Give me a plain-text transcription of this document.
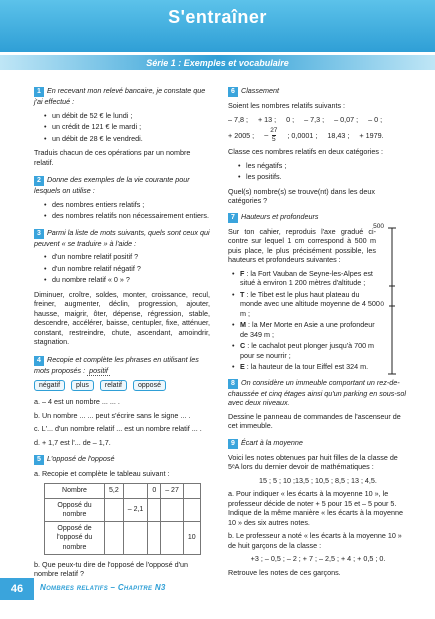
S'entraîner
Série 1 : Exemples et vocabulaire
1 En recevant mon relevé bancaire, je constate que j'ai effectué :
• un débit de 52 € le lundi ;
• un crédit de 121 € le mardi ;
• un débit de 28 € le vendredi.
Traduis chacun de ces opérations par un nombre relatif.
2 Donne des exemples de la vie courante pour lesquels on utilise :
• des nombres entiers relatifs ;
• des nombres relatifs non nécessairement entiers.
3 Parmi la liste de mots suivants, quels sont ceux qui peuvent « se traduire » à l'aide :
• d'un nombre relatif positif ?
• d'un nombre relatif négatif ?
• du nombre relatif « 0 » ?
Diminuer, croître, soldes, monter, croissance, recul, freiner, augmenter, déclin, progression, ajouter, hausse, maigrir, ôter, dépense, régression, stable, descendre, accélérer, baisse, centupler, fixe, atténuer, constant, restreindre, chute, ascendant, amoindrir, stagnation.
4 Recopie et complète les phrases en utilisant les mots proposés : positif
négatif	plus	relatif	opposé
a. – 4 est un nombre ... ... .
b. Un nombre ... ... peut s'écrire sans le signe ... .
c. L'... d'un nombre relatif ... est un nombre relatif ... .
d. + 1,7 est l'... de – 1,7.
5 L'opposé de l'opposé
a. Recopie et complète le tableau suivant :
Nombre	5,2		0	– 27	
Opposé du nombre		– 2,1			
Opposé de l'opposé du nombre					10
b. Que peux-tu dire de l'opposé de l'opposé d'un nombre relatif ?
6 Classement
Soient les nombres relatifs suivants :
– 7,8 ; + 13 ; 0 ; – 7,3 ; – 0,07 ; – 0 ;
+ 2005 ; – $\frac{27}{5}$ ; 0,0001 ; 18,43 ; + 1979.
Classe ces nombres relatifs en deux catégories :
• les négatifs ;
• les positifs.
Quel(s) nombre(s) se trouve(nt) dans les deux catégories ?
7 Hauteurs et profondeurs
Sur ton cahier, reproduis l'axe gradué ci-contre sur lequel 1 cm correspond à 500 m puis place, le plus précisément possible, les hauteurs et profondeurs suivantes :
• F : la Fort Vauban de Seyne-les-Alpes est situé à environ 1 200 mètres d'altitude ;
• T : le Tibet est le plus haut plateau du monde avec une altitude moyenne de 4 500 m ;
• M : la Mer Morte en Asie a une profondeur de 349 m ;
• C : le cachalot peut plonger jusqu'à 700 m pour se nourrir ;
• E : la hauteur de la tour Eiffel est 324 m.
500
0
8 On considère un immeuble comportant un rez-de-chaussée et cinq étages ainsi qu'un parking en sous-sol avec deux niveaux.
Dessine le panneau de commandes de l'ascenseur de cet immeuble.
9 Écart à la moyenne
Voici les notes obtenues par huit filles de la classe de 5ᵉA lors du dernier devoir de mathématiques :
15 ; 5 ; 10 ;13,5 ; 10,5 ; 8,5 ; 13 ; 4,5.
a. Pour indiquer « les écarts à la moyenne 10 », le professeur décide de noter + 5 pour 15 et – 5 pour 5. Indique de la même manière « les écarts à la moyenne 10 » des six autres notes.
b. Le professeur a noté « les écarts à la moyenne 10 » de huit garçons de la classe :
+3 ; – 0,5 ; – 2 ; + 7 ; – 2,5 ; + 4 ; + 0,5 ; 0.
Retrouve les notes de ces garçons.
46	Nombres relatifs – Chapitre N3
